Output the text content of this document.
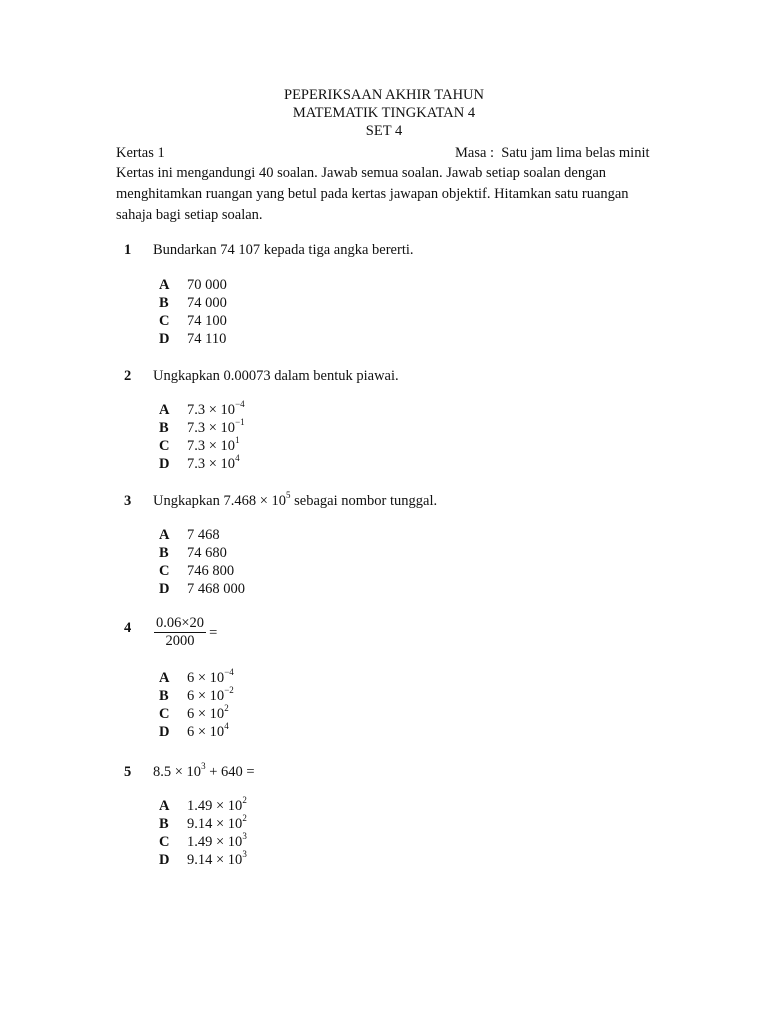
PEPERIKSAAN AKHIR TAHUN
MATEMATIK TINGKATAN 4
SET 4
Kertas 1	Masa :  Satu jam lima belas minit
Kertas ini mengandungi 40 soalan. Jawab semua soalan. Jawab setiap soalan dengan menghitamkan ruangan yang betul pada kertas jawapan objektif. Hitamkan satu ruangan sahaja bagi setiap soalan.
1 Bundarkan 74 107 kepada tiga angka bererti.
A 70 000
B 74 000
C 74 100
D 74 110
2 Ungkapkan 0.00073 dalam bentuk piawai.
A $7.3 \times 10^{-4}$
B $7.3 \times 10^{-1}$
C $7.3 \times 10^1$
D $7.3 \times 10^4$
3 Ungkapkan $7.468 \times 10^5$ sebagai nombor tunggal.
A 7 468
B 74 680
C 746 800
D 7 468 000
$4 \frac{0.06\times 20}{2000}$ =
A $6 \times 10^{-4}$
B $6 \times 10^{-2}$
C $6 \times 10^2$
D $6 \times 10^4$
5 $8.5 \times 10^3 + 640$ =
A $1.49 \times 10^2$
B $9.14 \times 10^2$
C $1.49 \times 10^3$
D $9.14 \times 10^3$
